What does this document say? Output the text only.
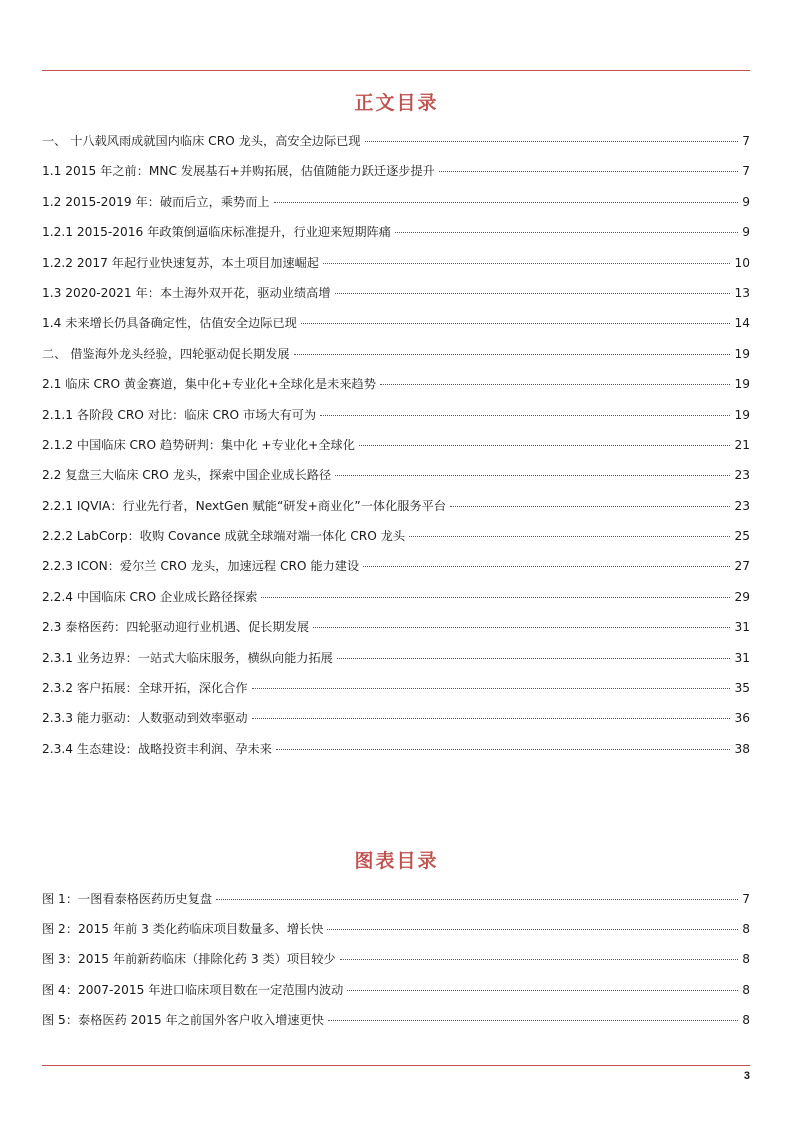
正文目录
一、 十八载风雨成就国内临床 CRO 龙头，高安全边际已现	7
1.1 2015 年之前：MNC 发展基石+并购拓展，估值随能力跃迁逐步提升	7
1.2 2015-2019 年：破而后立，乘势而上	9
1.2.1 2015-2016 年政策倒逼临床标准提升，行业迎来短期阵痛	9
1.2.2 2017 年起行业快速复苏，本土项目加速崛起	10
1.3 2020-2021 年：本土海外双开花，驱动业绩高增	13
1.4 未来增长仍具备确定性，估值安全边际已现	14
二、 借鉴海外龙头经验，四轮驱动促长期发展	19
2.1 临床 CRO 黄金赛道，集中化+专业化+全球化是未来趋势	19
2.1.1 各阶段 CRO 对比：临床 CRO 市场大有可为	19
2.1.2 中国临床 CRO 趋势研判：集中化 +专业化+全球化	21
2.2 复盘三大临床 CRO 龙头，探索中国企业成长路径	23
2.2.1 IQVIA：行业先行者，NextGen 赋能“研发+商业化”一体化服务平台	23
2.2.2 LabCorp：收购 Covance 成就全球端对端一体化 CRO 龙头	25
2.2.3 ICON：爱尔兰 CRO 龙头，加速远程 CRO 能力建设	27
2.2.4 中国临床 CRO 企业成长路径探索	29
2.3 泰格医药：四轮驱动迎行业机遇、促长期发展	31
2.3.1 业务边界：一站式大临床服务，横纵向能力拓展	31
2.3.2 客户拓展：全球开拓，深化合作	35
2.3.3 能力驱动：人数驱动到效率驱动	36
2.3.4 生态建设：战略投资丰利润、孕未来	38
图表目录
图 1：一图看泰格医药历史复盘	7
图 2：2015 年前 3 类化药临床项目数量多、增长快	8
图 3：2015 年前新药临床（排除化药 3 类）项目较少	8
图 4：2007-2015 年进口临床项目数在一定范围内波动	8
图 5：泰格医药 2015 年之前国外客户收入增速更快	8
3
